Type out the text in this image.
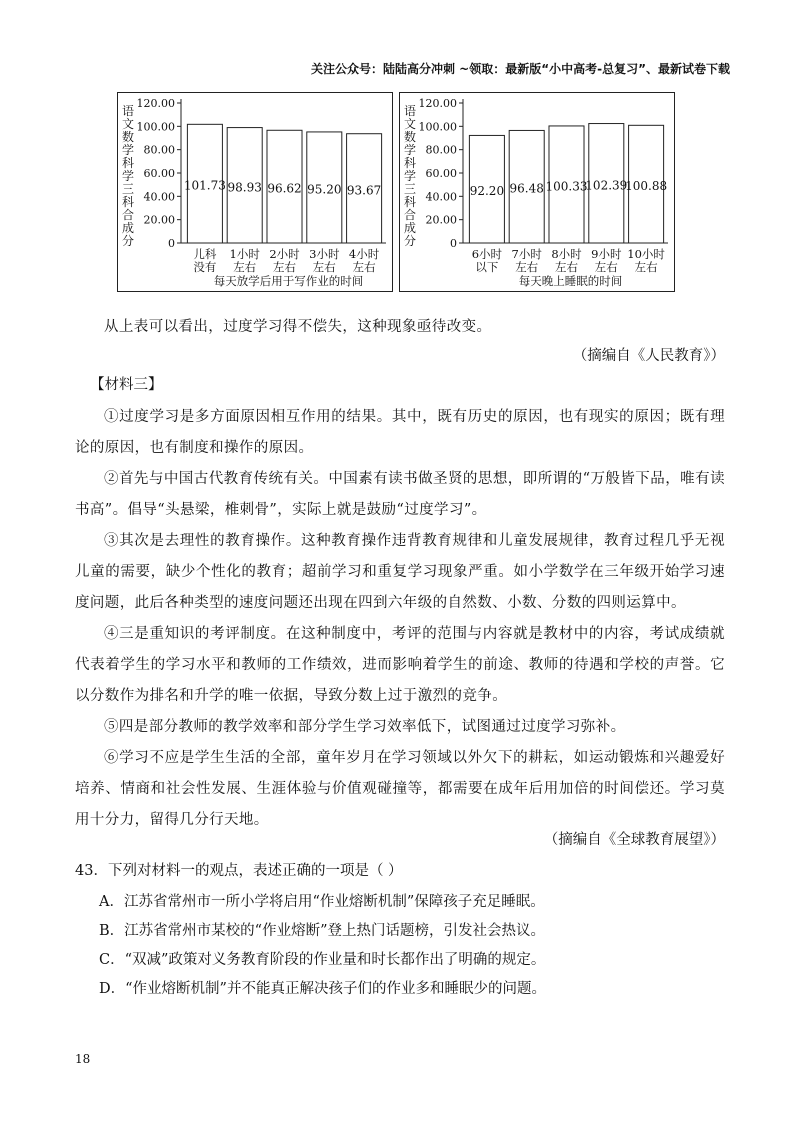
关注公众号：陆陆高分冲刺 ~领取：最新版“小中高考-总复习”、最新试卷下载
语
文
数
学
科
学
三
科
合
成
分	0
20.00
40.00
60.00
80.00
100.00
120.00
101.73
儿科
没有
98.93
1小时
左右
96.62
2小时
左右
95.20
3小时
左右
93.67
4小时
左右
每天放学后用于写作业的时间
语
文
数
学
科
学
三
科
合
成
分	0
20.00
40.00
60.00
80.00
100.00
120.00
92.20
6小时
以下
96.48
7小时
左右
100.33
8小时
左右
102.39
9小时
左右
100.88
10小时
左右
每天晚上睡眠的时间
从上表可以看出，过度学习得不偿失，这种现象亟待改变。
（摘编自《人民教育》）
【材料三】
①过度学习是多方面原因相互作用的结果。其中，既有历史的原因，也有现实的原因；既有理论的原因，也有制度和操作的原因。
②首先与中国古代教育传统有关。中国素有读书做圣贤的思想，即所谓的“万般皆下品，唯有读书高”。倡导“头悬梁，椎刺骨”，实际上就是鼓励“过度学习”。
③其次是去理性的教育操作。这种教育操作违背教育规律和儿童发展规律，教育过程几乎无视儿童的需要，缺少个性化的教育；超前学习和重复学习现象严重。如小学数学在三年级开始学习速度问题，此后各种类型的速度问题还出现在四到六年级的自然数、小数、分数的四则运算中。
④三是重知识的考评制度。在这种制度中，考评的范围与内容就是教材中的内容，考试成绩就代表着学生的学习水平和教师的工作绩效，进而影响着学生的前途、教师的待遇和学校的声誉。它以分数作为排名和升学的唯一依据，导致分数上过于激烈的竞争。
⑤四是部分教师的教学效率和部分学生学习效率低下，试图通过过度学习弥补。
⑥学习不应是学生生活的全部，童年岁月在学习领域以外欠下的耕耘，如运动锻炼和兴趣爱好培养、情商和社会性发展、生涯体验与价值观碰撞等，都需要在成年后用加倍的时间偿还。学习莫用十分力，留得几分行天地。
（摘编自《全球教育展望》）
43．下列对材料一的观点，表述正确的一项是（ ）
A．江苏省常州市一所小学将启用“作业熔断机制”保障孩子充足睡眠。
B．江苏省常州市某校的“作业熔断”登上热门话题榜，引发社会热议。
C．“双减”政策对义务教育阶段的作业量和时长都作出了明确的规定。
D．“作业熔断机制”并不能真正解决孩子们的作业多和睡眠少的问题。
18
